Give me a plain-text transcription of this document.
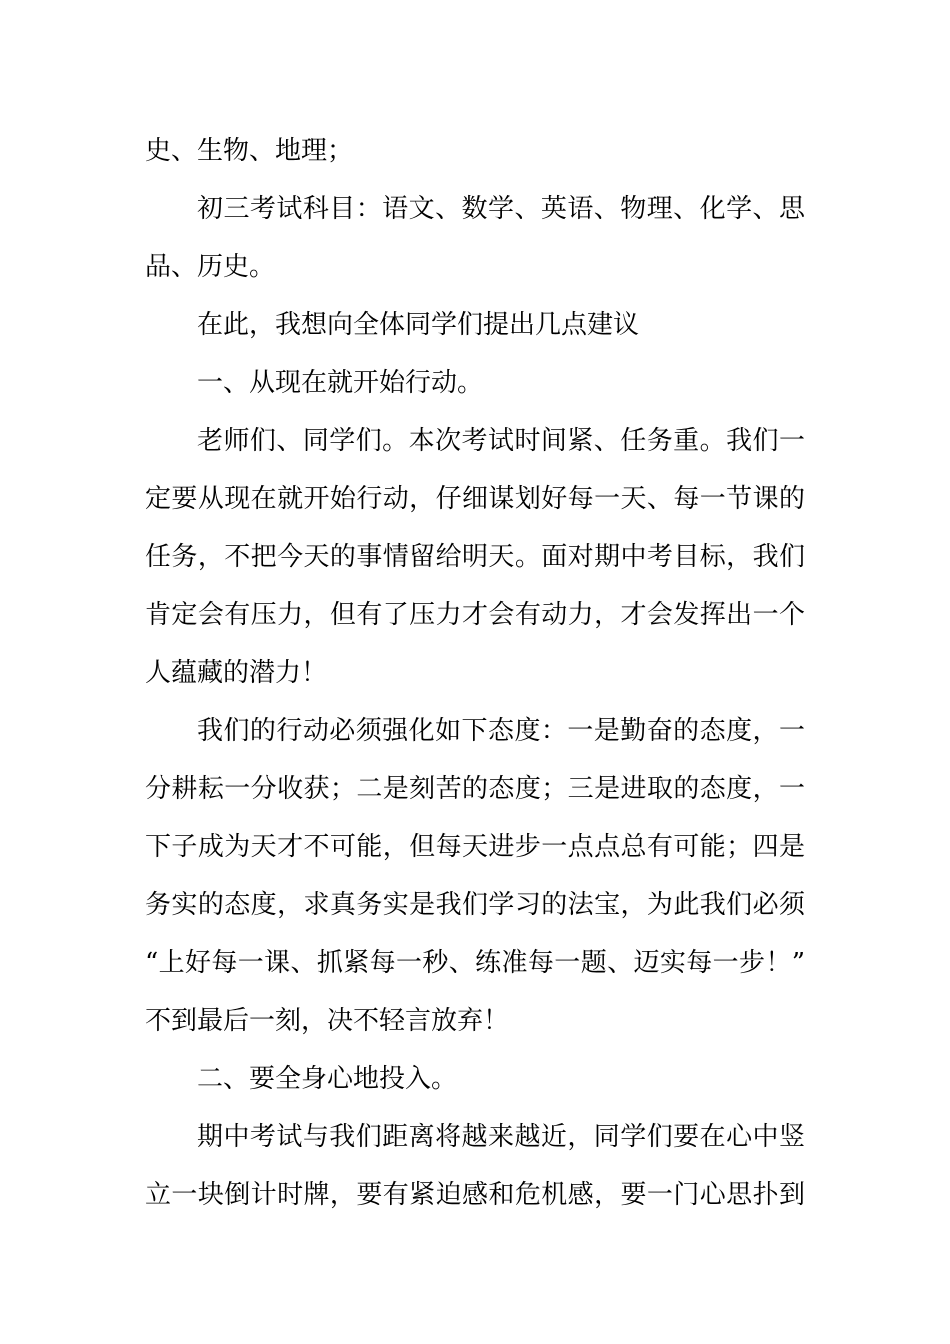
史、生物、地理；

初三考试科目：语文、数学、英语、物理、化学、思
品、历史。

在此，我想向全体同学们提出几点建议

一、从现在就开始行动。

老师们、同学们。本次考试时间紧、任务重。我们一
定要从现在就开始行动，仔细谋划好每一天、每一节课的
任务，不把今天的事情留给明天。面对期中考目标，我们
肯定会有压力，但有了压力才会有动力，才会发挥出一个
人蕴藏的潜力！

我们的行动必须强化如下态度：一是勤奋的态度，一
分耕耘一分收获；二是刻苦的态度；三是进取的态度，一
下子成为天才不可能，但每天进步一点点总有可能；四是
务实的态度，求真务实是我们学习的法宝，为此我们必须
“上好每一课、抓紧每一秒、练准每一题、迈实每一步！”
不到最后一刻，决不轻言放弃！

二、要全身心地投入。

期中考试与我们距离将越来越近，同学们要在心中竖
立一块倒计时牌，要有紧迫感和危机感，要一门心思扑到
